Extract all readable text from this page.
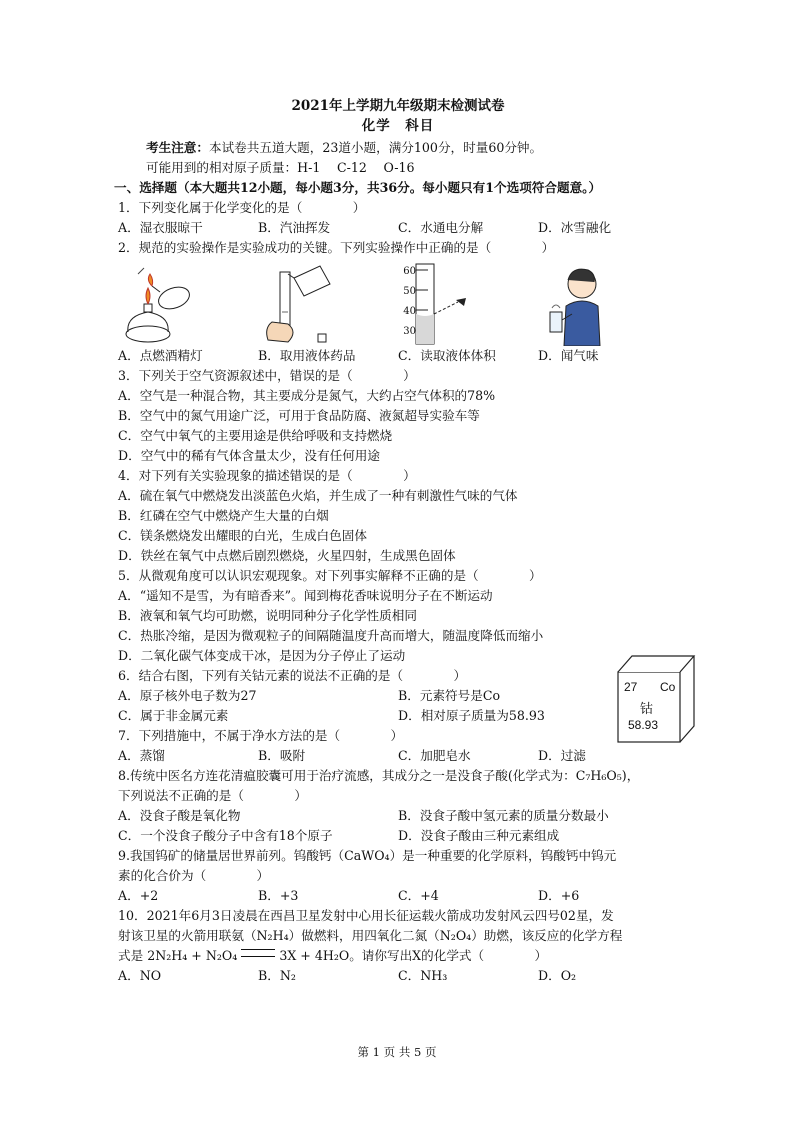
2021年上学期九年级期末检测试卷
化学　科目
考生注意：本试卷共五道大题，23道小题，满分100分，时量60分钟。
可能用到的相对原子质量：H-1　 C-12　 O-16
一、选择题（本大题共12小题，每小题3分，共36分。每小题只有1个选项符合题意。）
1．下列变化属于化学变化的是（　　　　）
A．湿衣服晾干	B．汽油挥发	C．水通电分解	D．冰雪融化
2．规范的实验操作是实验成功的关键。下列实验操作中正确的是（　　　　）
60
50
40
30
A．点燃酒精灯	B．取用液体药品	C．读取液体体积	D．闻气味
3．下列关于空气资源叙述中，错误的是（　　　　）
A．空气是一种混合物，其主要成分是氮气，大约占空气体积的78%
B．空气中的氮气用途广泛，可用于食品防腐、液氮超导实验车等
C．空气中氧气的主要用途是供给呼吸和支持燃烧
D．空气中的稀有气体含量太少，没有任何用途
4．对下列有关实验现象的描述错误的是（　　　　）
A．硫在氧气中燃烧发出淡蓝色火焰，并生成了一种有刺激性气味的气体
B．红磷在空气中燃烧产生大量的白烟
C．镁条燃烧发出耀眼的白光，生成白色固体
D．铁丝在氧气中点燃后剧烈燃烧，火星四射，生成黑色固体
5．从微观角度可以认识宏观现象。对下列事实解释不正确的是（　　　　）
A．“遥知不是雪，为有暗香来”。闻到梅花香味说明分子在不断运动
B．液氧和氧气均可助燃，说明同种分子化学性质相同
C．热胀冷缩，是因为微观粒子的间隔随温度升高而增大，随温度降低而缩小
D．二氧化碳气体变成干冰，是因为分子停止了运动
6．结合右图，下列有关钴元素的说法不正确的是（　　　　）
A．原子核外电子数为27	B．元素符号是Co
C．属于非金属元素	D．相对原子质量为58.93
7．下列措施中，不属于净水方法的是（　　　　）
A．蒸馏	B．吸附	C．加肥皂水	D．过滤
8.传统中医名方连花清瘟胶囊可用于治疗流感，其成分之一是没食子酸(化学式为：C₇H₆O₅)，
下列说法不正确的是（　　　　）
A．没食子酸是氧化物	B．没食子酸中氢元素的质量分数最小
C．一个没食子酸分子中含有18个原子	D．没食子酸由三种元素组成
9.我国钨矿的储量居世界前列。钨酸钙（CaWO₄）是一种重要的化学原料，钨酸钙中钨元
素的化合价为（　　　　）
A．+2	B．+3	C．+4	D．+6
10．2021年6月3日凌晨在西昌卫星发射中心用长征运载火箭成功发射风云四号02星，发
射该卫星的火箭用联氨（N₂H₄）做燃料，用四氧化二氮（N₂O₄）助燃，该反应的化学方程
式是 2N₂H₄ + N₂O₄	3X + 4H₂O。请你写出X的化学式（　　　　）
A．NO	B．N₂	C．NH₃	D．O₂
27 Co
钴
58.93
第 1 页 共 5 页
